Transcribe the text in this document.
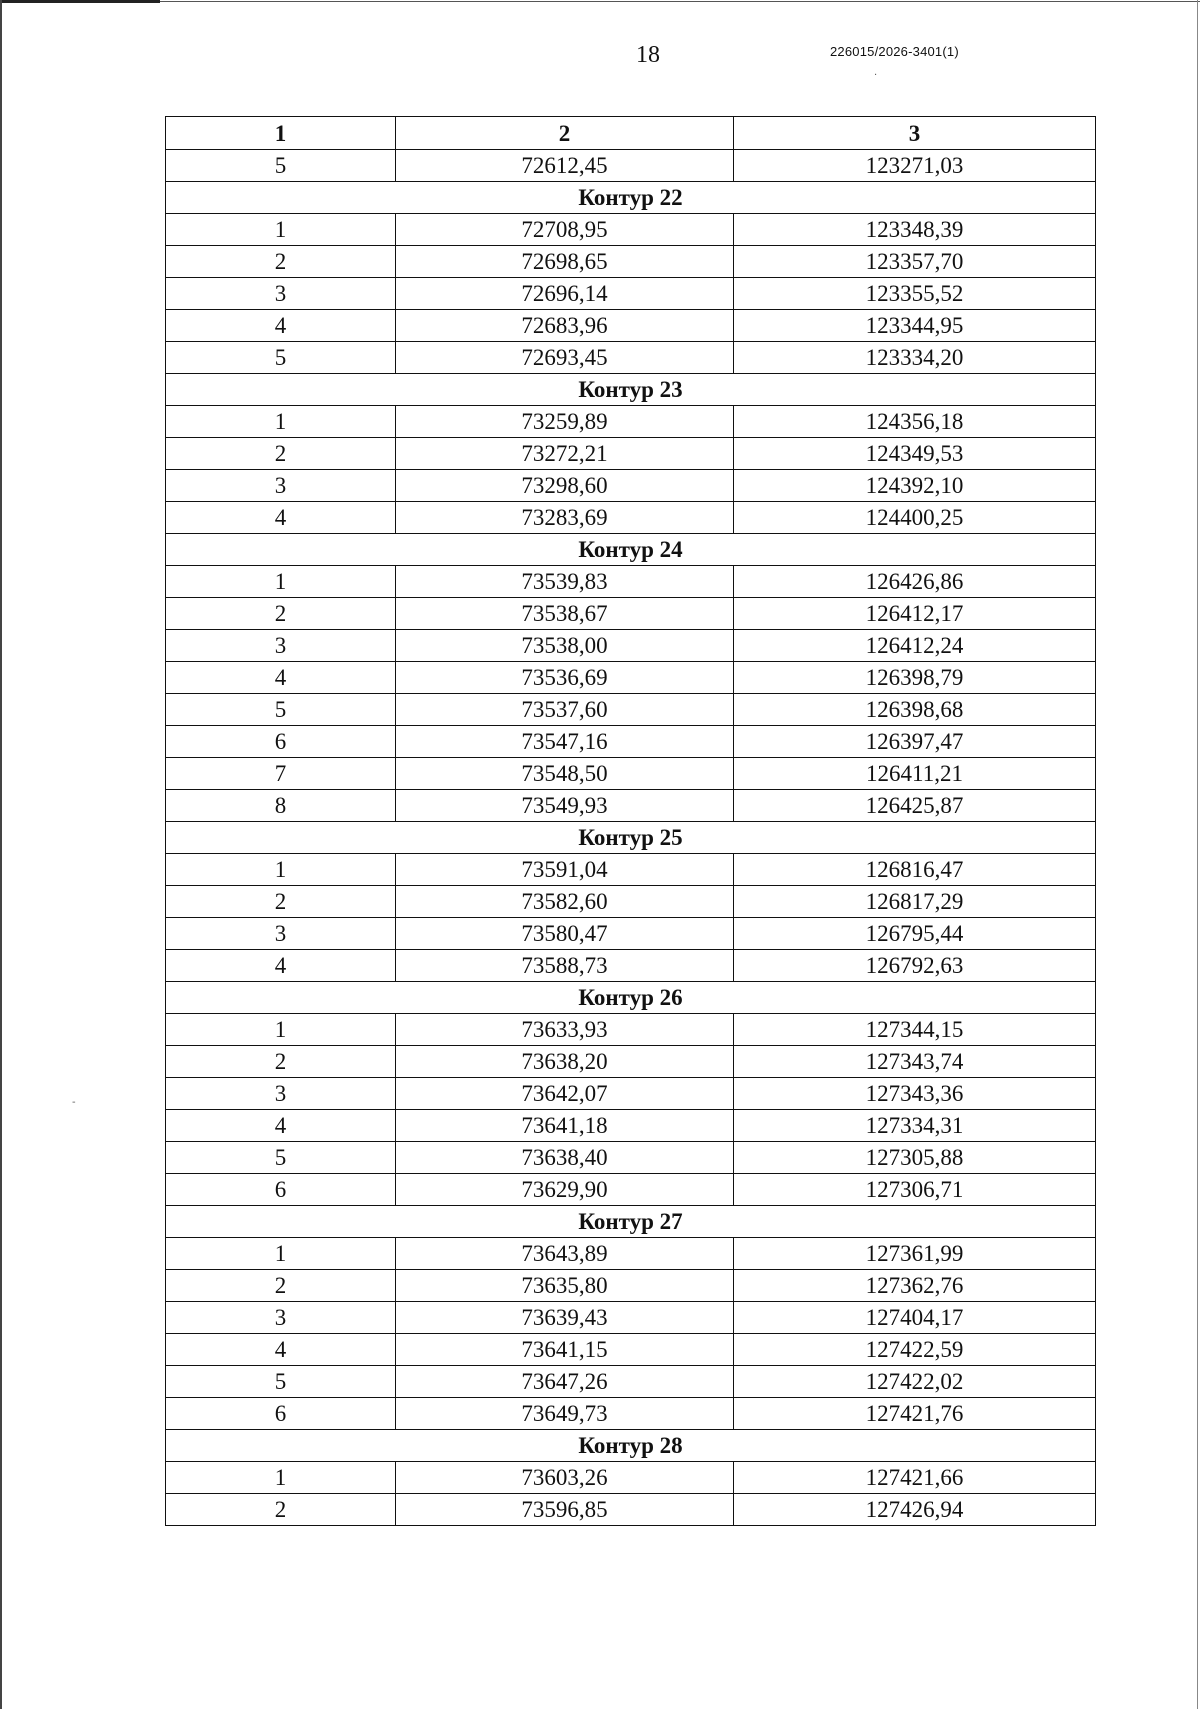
18	226015/2026-3401(1)
·
-
1	2	3
5	72612,45	123271,03
Контур 22		
1	72708,95	123348,39
2	72698,65	123357,70
3	72696,14	123355,52
4	72683,96	123344,95
5	72693,45	123334,20
Контур 23		
1	73259,89	124356,18
2	73272,21	124349,53
3	73298,60	124392,10
4	73283,69	124400,25
Контур 24		
1	73539,83	126426,86
2	73538,67	126412,17
3	73538,00	126412,24
4	73536,69	126398,79
5	73537,60	126398,68
6	73547,16	126397,47
7	73548,50	126411,21
8	73549,93	126425,87
Контур 25		
1	73591,04	126816,47
2	73582,60	126817,29
3	73580,47	126795,44
4	73588,73	126792,63
Контур 26		
1	73633,93	127344,15
2	73638,20	127343,74
3	73642,07	127343,36
4	73641,18	127334,31
5	73638,40	127305,88
6	73629,90	127306,71
Контур 27		
1	73643,89	127361,99
2	73635,80	127362,76
3	73639,43	127404,17
4	73641,15	127422,59
5	73647,26	127422,02
6	73649,73	127421,76
Контур 28		
1	73603,26	127421,66
2	73596,85	127426,94
